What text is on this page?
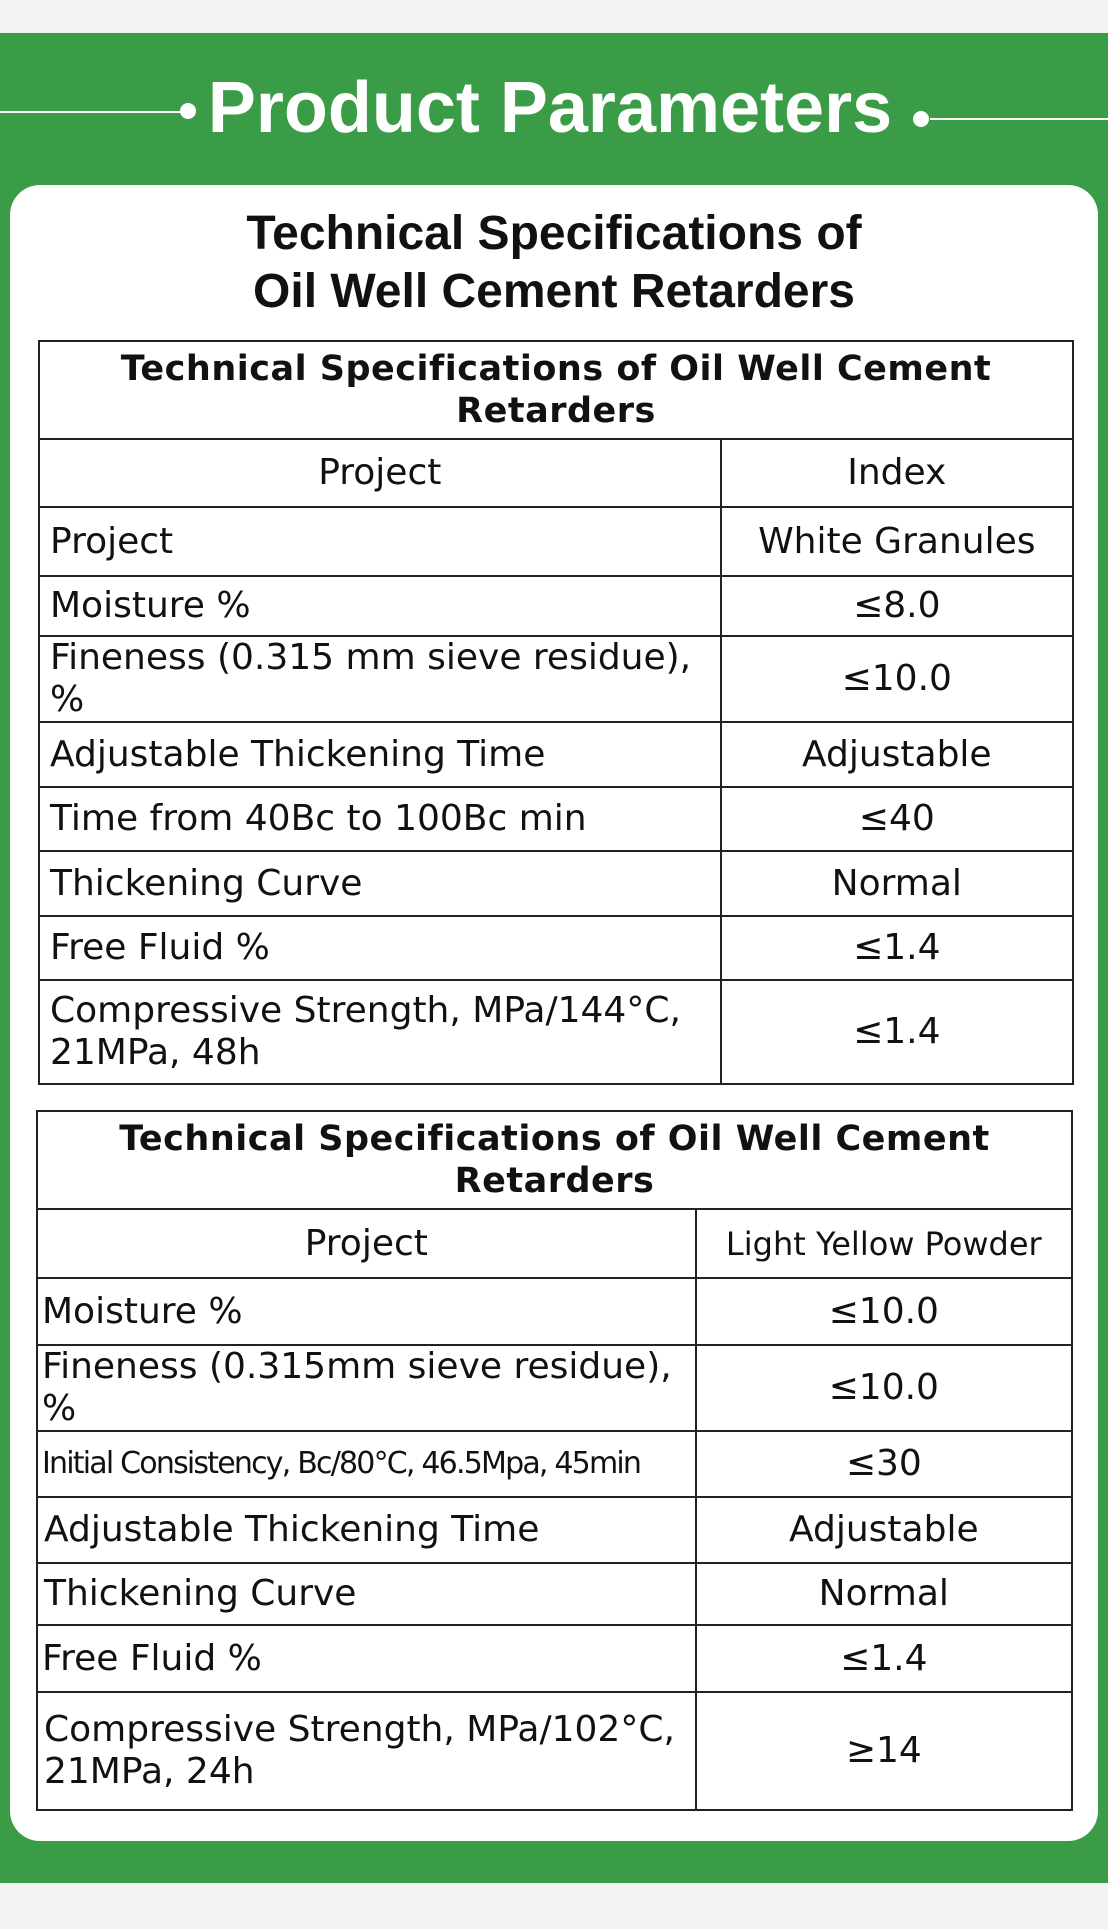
Product Parameters
Technical Specifications of
Oil Well Cement Retarders
Technical Specifications of Oil Well Cement Retarders	
Project	Index
Project	White Granules
Moisture %	≤8.0
Fineness (0.315 mm sieve residue), %	≤10.0
Adjustable Thickening Time	Adjustable
Time from 40Bc to 100Bc min	≤40
Thickening Curve	Normal
Free Fluid %	≤1.4

Compressive Strength, MPa/144°C,
21MPa, 48h	≤1.4
Technical Specifications of Oil Well Cement Retarders	
Project	Light Yellow Powder
Moisture %	≤10.0
Fineness (0.315mm sieve residue), %	≤10.0
Initial Consistency, Bc/80°C, 46.5Mpa, 45min	≤30
Adjustable Thickening Time	Adjustable
Thickening Curve	Normal
Free Fluid %	≤1.4

Compressive Strength, MPa/102°C,
21MPa, 24h	≥14
